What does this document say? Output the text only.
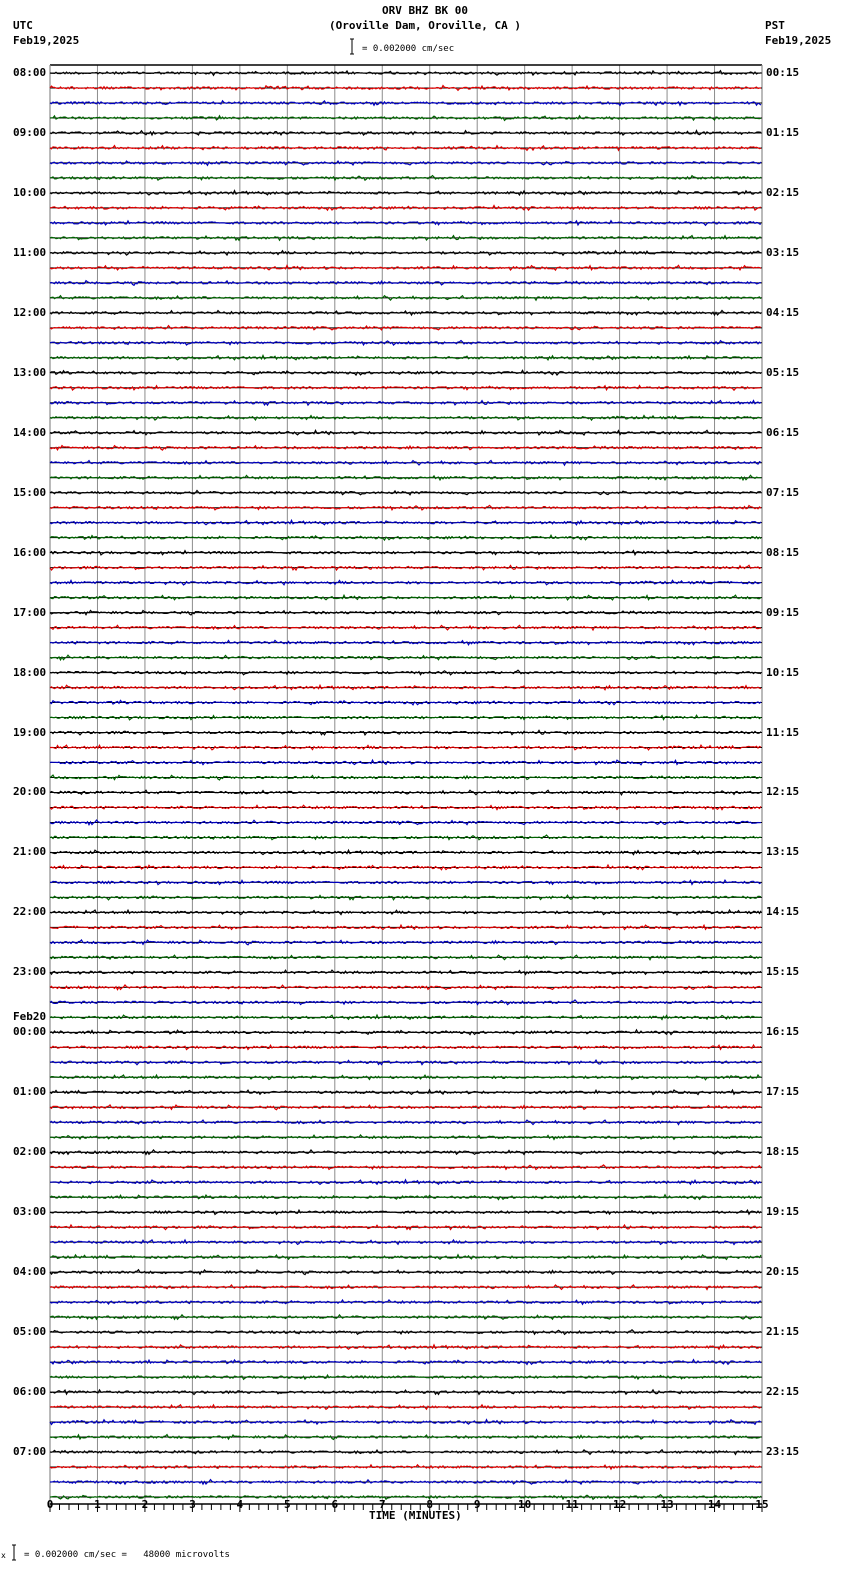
ORV BHZ BK 00
(Oroville Dam, Oroville, CA )
UTC
Feb19,2025
PST
Feb19,2025
= 0.002000 cm/sec
08:00
09:00
10:00
11:00
12:00
13:00
14:00
15:00
16:00
17:00
18:00
19:00
20:00
21:00
22:00
23:00
Feb20
00:00
01:00
02:00
03:00
04:00
05:00
06:00
07:00
00:15
01:15
02:15
03:15
04:15
05:15
06:15
07:15
08:15
09:15
10:15
11:15
12:15
13:15
14:15
15:15
16:15
17:15
18:15
19:15
20:15
21:15
22:15
23:15
0	1	2	3	4	5	6	7	8	9	10	11	12	13	14	15
TIME (MINUTES)
х = 0.002000 cm/sec =   48000 microvolts
